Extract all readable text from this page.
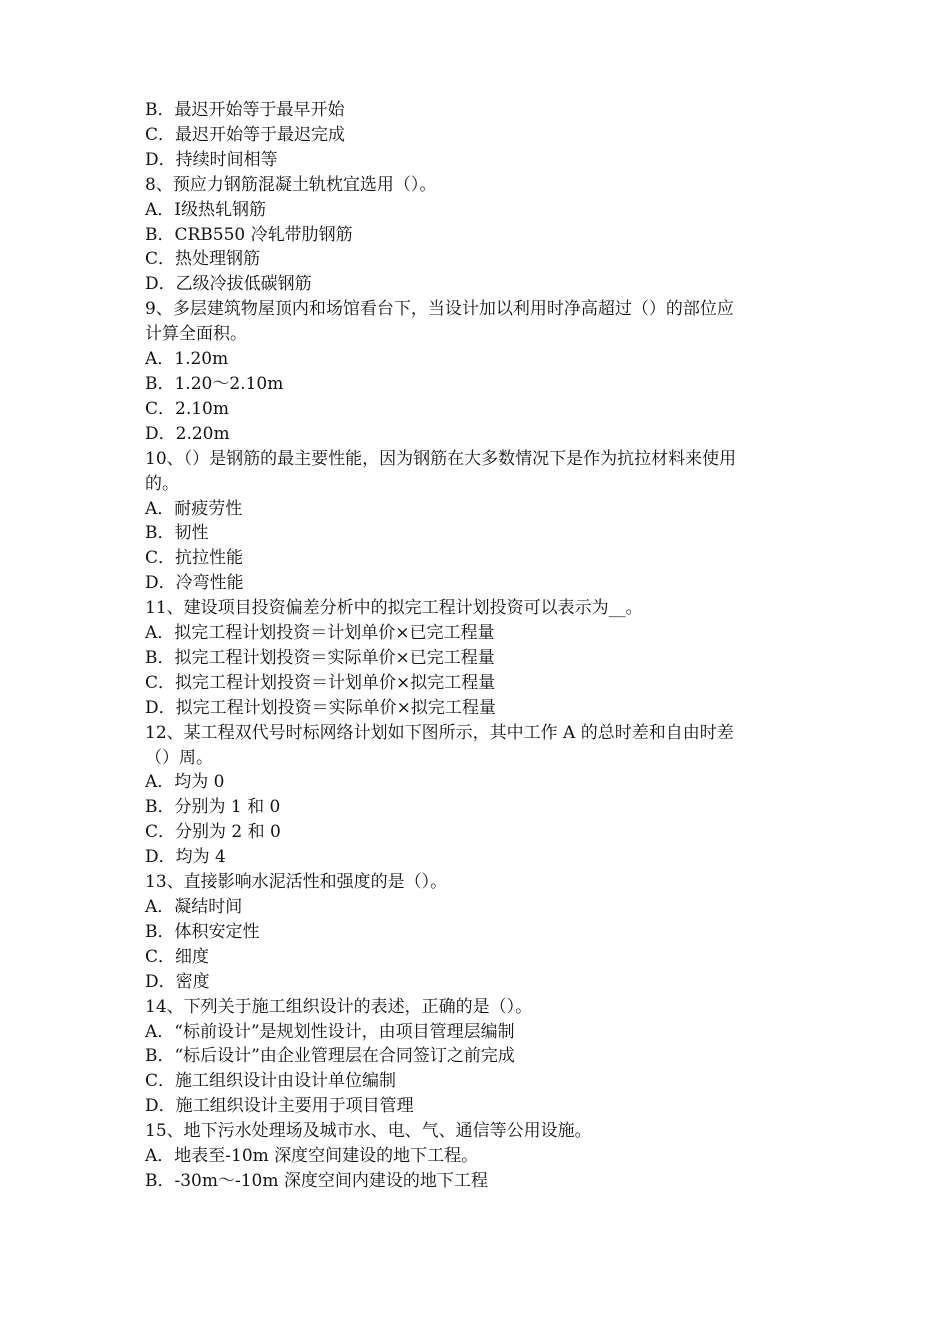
B．最迟开始等于最早开始
C．最迟开始等于最迟完成
D．持续时间相等
8、预应力钢筋混凝土轨枕宜选用（）。
A．Ⅰ级热轧钢筋
B．CRB550 冷轧带肋钢筋
C．热处理钢筋
D．乙级冷拔低碳钢筋
9、多层建筑物屋顶内和场馆看台下，当设计加以利用时净高超过（）的部位应
计算全面积。
A．1.20m
B．1.20～2.10m
C．2.10m
D．2.20m
10、（）是钢筋的最主要性能，因为钢筋在大多数情况下是作为抗拉材料来使用
的。
A．耐疲劳性
B．韧性
C．抗拉性能
D．冷弯性能
11、建设项目投资偏差分析中的拟完工程计划投资可以表示为__。
A．拟完工程计划投资＝计划单价×已完工程量
B．拟完工程计划投资＝实际单价×已完工程量
C．拟完工程计划投资＝计划单价×拟完工程量
D．拟完工程计划投资＝实际单价×拟完工程量
12、某工程双代号时标网络计划如下图所示，其中工作 A 的总时差和自由时差
（）周。
A．均为 0
B．分别为 1 和 0
C．分别为 2 和 0
D．均为 4
13、直接影响水泥活性和强度的是（）。
A．凝结时间
B．体积安定性
C．细度
D．密度
14、下列关于施工组织设计的表述，正确的是（）。
A．“标前设计”是规划性设计，由项目管理层编制
B．“标后设计”由企业管理层在合同签订之前完成
C．施工组织设计由设计单位编制
D．施工组织设计主要用于项目管理
15、地下污水处理场及城市水、电、气、通信等公用设施。
A．地表至-10m 深度空间建设的地下工程。
B．-30m～-10m 深度空间内建设的地下工程
